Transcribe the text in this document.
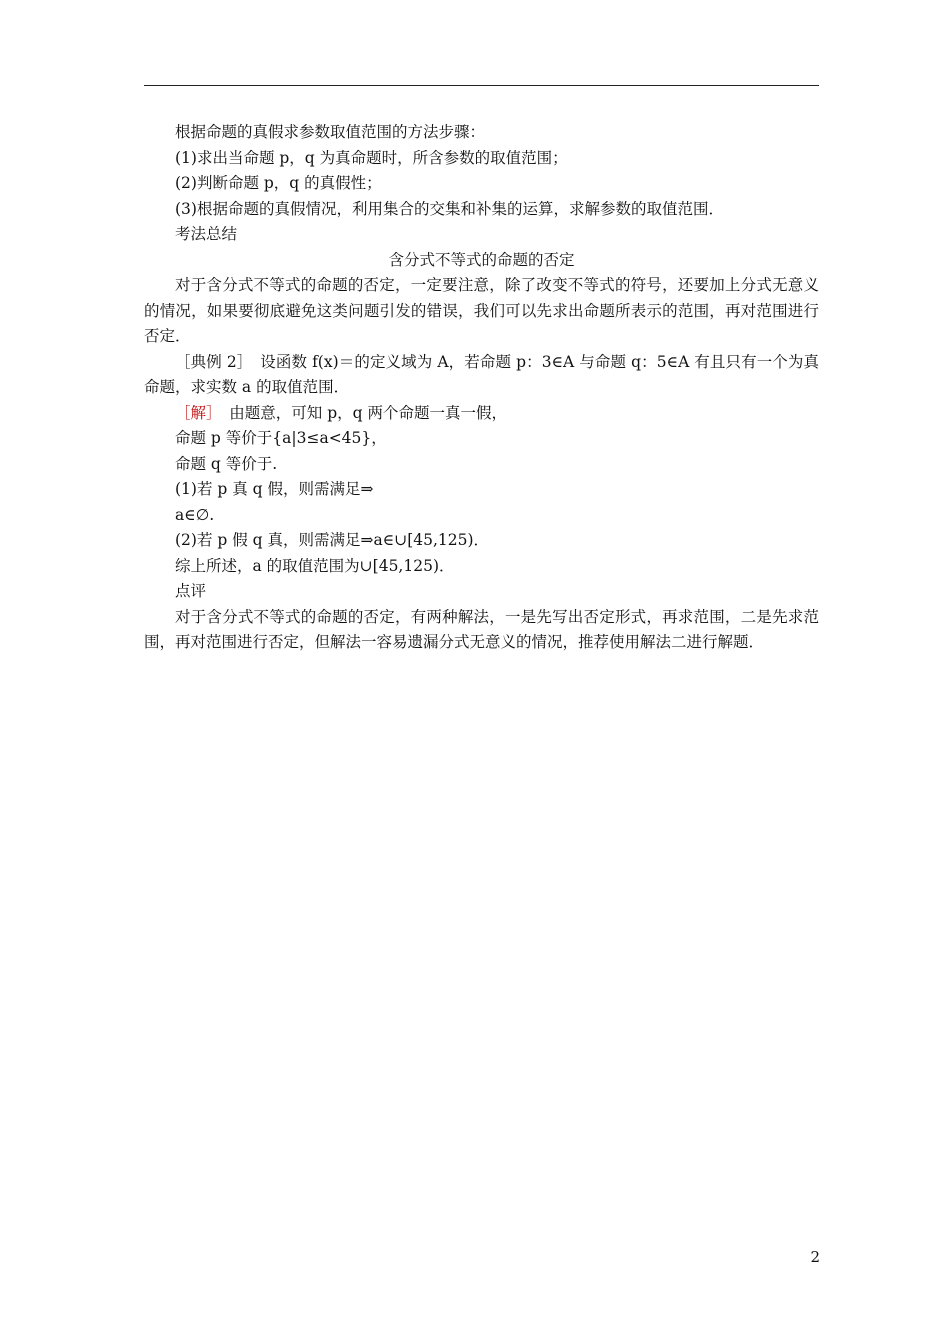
根据命题的真假求参数取值范围的方法步骤：

(1)求出当命题 p，q 为真命题时，所含参数的取值范围；

(2)判断命题 p，q 的真假性；

(3)根据命题的真假情况，利用集合的交集和补集的运算，求解参数的取值范围．

考法总结

含分式不等式的命题的否定

对于含分式不等式的命题的否定，一定要注意，除了改变不等式的符号，还要加上分式无意义的情况，如果要彻底避免这类问题引发的错误，我们可以先求出命题所表示的范围，再对范围进行否定．

［典例 2］　设函数 f(x)＝的定义域为 A，若命题 p：3∈A 与命题 q：5∈A 有且只有一个为真命题，求实数 a 的取值范围．

［解］　由题意，可知 p，q 两个命题一真一假，

命题 p 等价于{a|3≤a<45}，

命题 q 等价于.

(1)若 p 真 q 假，则需满足⇒

a∈∅.

(2)若 p 假 q 真，则需满足⇒a∈∪[45,125)．

综上所述，a 的取值范围为∪[45,125)．

点评

对于含分式不等式的命题的否定，有两种解法，一是先写出否定形式，再求范围，二是先求范围，再对范围进行否定，但解法一容易遗漏分式无意义的情况，推荐使用解法二进行解题．

2
